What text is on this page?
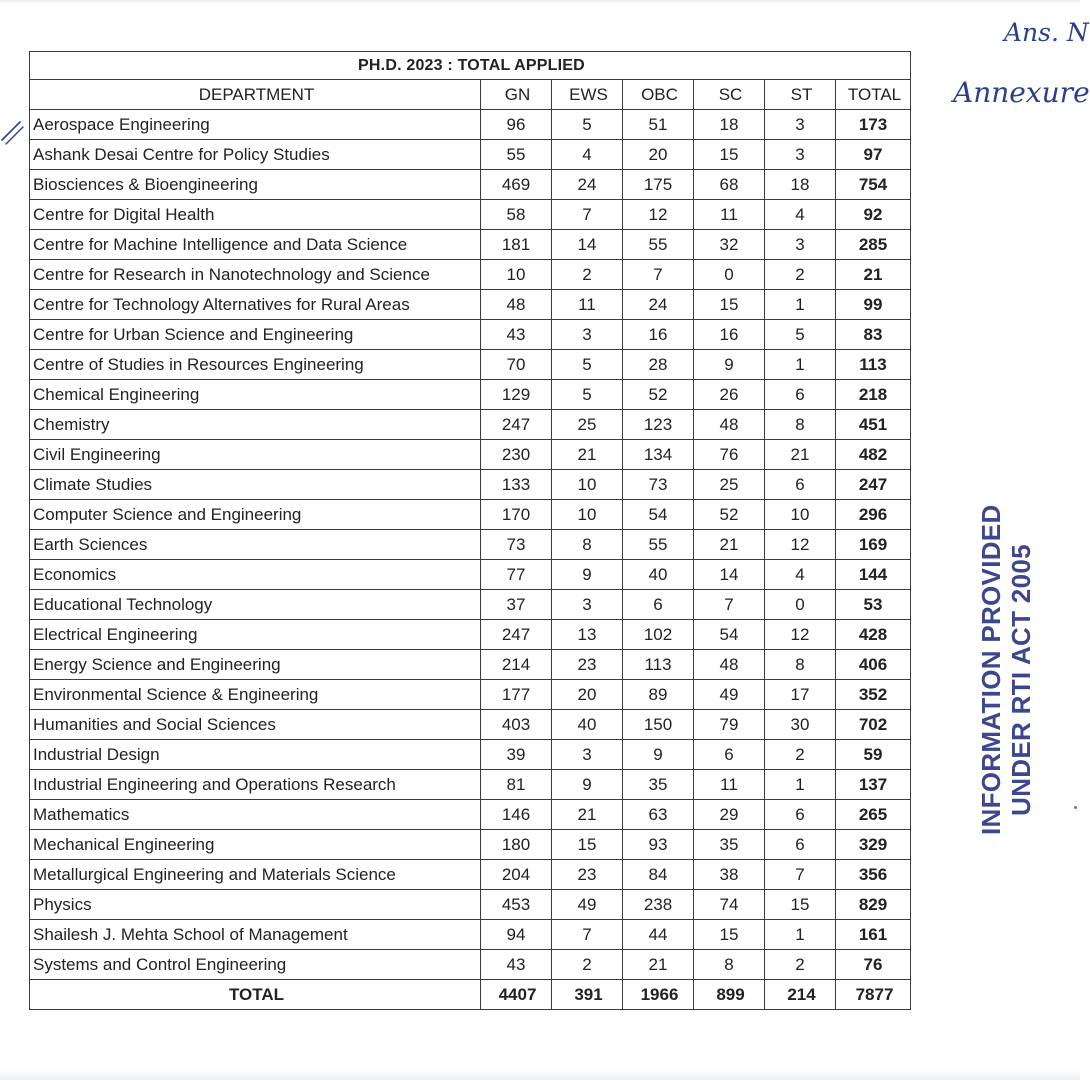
PH.D. 2023 : TOTAL APPLIED						
DEPARTMENT	GN	EWS	OBC	SC	ST	TOTAL
Aerospace Engineering	96	5	51	18	3	173
Ashank Desai Centre for Policy Studies	55	4	20	15	3	97
Biosciences & Bioengineering	469	24	175	68	18	754
Centre for Digital Health	58	7	12	11	4	92
Centre for Machine Intelligence and Data Science	181	14	55	32	3	285
Centre for Research in Nanotechnology and Science	10	2	7	0	2	21
Centre for Technology Alternatives for Rural Areas	48	11	24	15	1	99
Centre for Urban Science and Engineering	43	3	16	16	5	83
Centre of Studies in Resources Engineering	70	5	28	9	1	113
Chemical Engineering	129	5	52	26	6	218
Chemistry	247	25	123	48	8	451
Civil Engineering	230	21	134	76	21	482
Climate Studies	133	10	73	25	6	247
Computer Science and Engineering	170	10	54	52	10	296
Earth Sciences	73	8	55	21	12	169
Economics	77	9	40	14	4	144
Educational Technology	37	3	6	7	0	53
Electrical Engineering	247	13	102	54	12	428
Energy Science and Engineering	214	23	113	48	8	406
Environmental Science & Engineering	177	20	89	49	17	352
Humanities and Social Sciences	403	40	150	79	30	702
Industrial Design	39	3	9	6	2	59
Industrial Engineering and Operations Research	81	9	35	11	1	137
Mathematics	146	21	63	29	6	265
Mechanical Engineering	180	15	93	35	6	329
Metallurgical Engineering and Materials Science	204	23	84	38	7	356
Physics	453	49	238	74	15	829
Shailesh J. Mehta School of Management	94	7	44	15	1	161
Systems and Control Engineering	43	2	21	8	2	76
TOTAL	4407	391	1966	899	214	7877
Ans. N
Annexure
INFORMATION PROVIDED UNDER RTI ACT 2005
